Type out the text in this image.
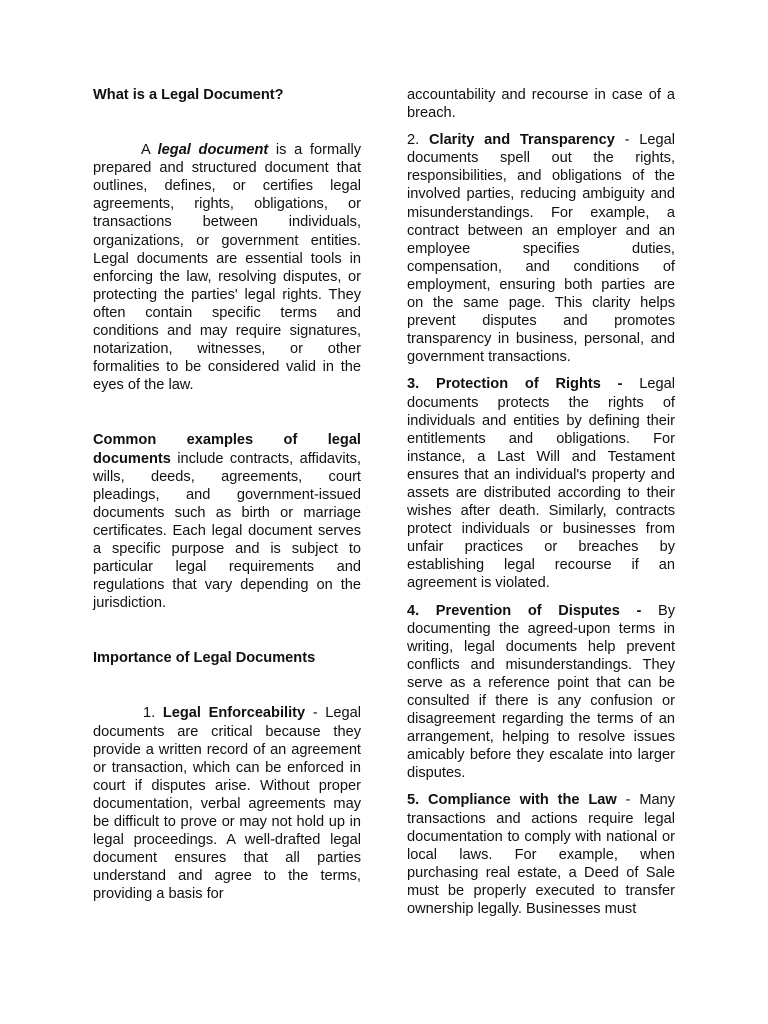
What is a Legal Document?

A legal document is a formally prepared and structured document that outlines, defines, or certifies legal agreements, rights, obligations, or transactions between individuals, organizations, or government entities. Legal documents are essential tools in enforcing the law, resolving disputes, or protecting the parties' legal rights. They often contain specific terms and conditions and may require signatures, notarization, witnesses, or other formalities to be considered valid in the eyes of the law.

Common examples of legal documents include contracts, affidavits, wills, deeds, agreements, court pleadings, and government-issued documents such as birth or marriage certificates. Each legal document serves a specific purpose and is subject to particular legal requirements and regulations that vary depending on the jurisdiction.

Importance of Legal Documents

1. Legal Enforceability - Legal documents are critical because they provide a written record of an agreement or transaction, which can be enforced in court if disputes arise. Without proper documentation, verbal agreements may be difficult to prove or may not hold up in legal proceedings. A well-drafted legal document ensures that all parties understand and agree to the terms, providing a basis for

accountability and recourse in case of a breach.

2. Clarity and Transparency - Legal documents spell out the rights, responsibilities, and obligations of the involved parties, reducing ambiguity and misunderstandings. For example, a contract between an employer and an employee specifies duties, compensation, and conditions of employment, ensuring both parties are on the same page. This clarity helps prevent disputes and promotes transparency in business, personal, and government transactions.

3. Protection of Rights - Legal documents protects the rights of individuals and entities by defining their entitlements and obligations. For instance, a Last Will and Testament ensures that an individual's property and assets are distributed according to their wishes after death. Similarly, contracts protect individuals or businesses from unfair practices or breaches by establishing legal recourse if an agreement is violated.

4. Prevention of Disputes - By documenting the agreed-upon terms in writing, legal documents help prevent conflicts and misunderstandings. They serve as a reference point that can be consulted if there is any confusion or disagreement regarding the terms of an arrangement, helping to resolve issues amicably before they escalate into larger disputes.

5. Compliance with the Law - Many transactions and actions require legal documentation to comply with national or local laws. For example, when purchasing real estate, a Deed of Sale must be properly executed to transfer ownership legally. Businesses must
